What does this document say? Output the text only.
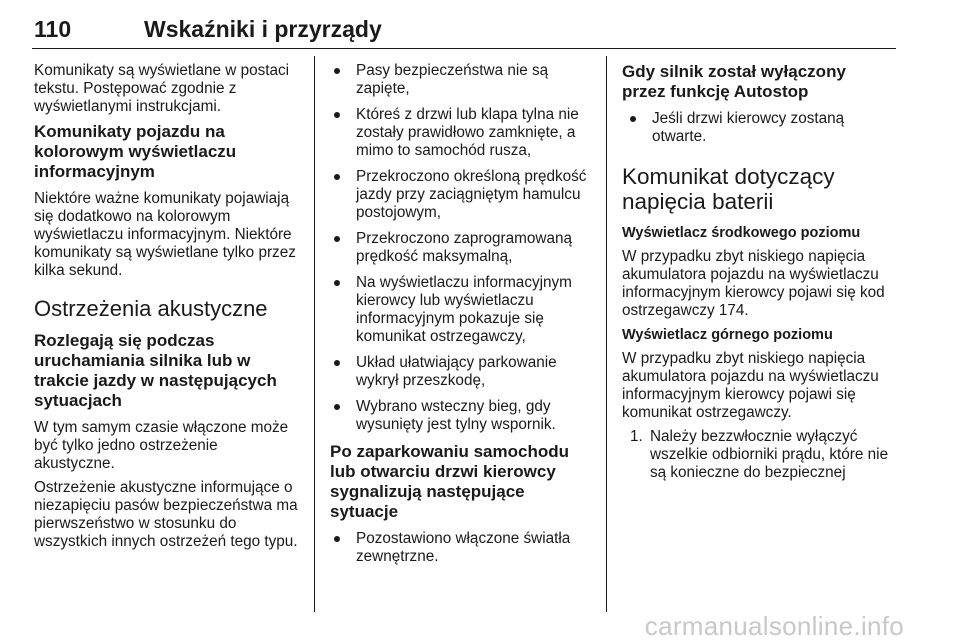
110	Wskaźniki i przyrządy

Komunikaty są wyświetlane w postaci tekstu. Postępować zgodnie z wyświetlanymi instrukcjami.

Komunikaty pojazdu na kolorowym wyświetlaczu informacyjnym

Niektóre ważne komunikaty pojawiają się dodatkowo na kolorowym wyświetlaczu informacyjnym. Niektóre komunikaty są wyświetlane tylko przez kilka sekund.

Ostrzeżenia akustyczne
Rozlegają się podczas uruchamiania silnika lub w trakcie jazdy w następujących sytuacjach

W tym samym czasie włączone może być tylko jedno ostrzeżenie akustyczne.

Ostrzeżenie akustyczne informujące o niezapięciu pasów bezpieczeństwa ma pierwszeństwo w stosunku do wszystkich innych ostrzeżeń tego typu.

Pasy bezpieczeństwa nie są zapięte,
Któreś z drzwi lub klapa tylna nie zostały prawidłowo zamknięte, a mimo to samochód rusza,
Przekroczono określoną prędkość jazdy przy zaciągniętym hamulcu postojowym,
Przekroczono zaprogramowaną prędkość maksymalną,
Na wyświetlaczu informacyjnym kierowcy lub wyświetlaczu informacyjnym pokazuje się komunikat ostrzegawczy,
Układ ułatwiający parkowanie wykrył przeszkodę,
Wybrano wsteczny bieg, gdy wysunięty jest tylny wspornik.
Po zaparkowaniu samochodu lub otwarciu drzwi kierowcy sygnalizują następujące sytuacje
Pozostawiono włączone światła zewnętrzne.
Gdy silnik został wyłączony przez funkcję Autostop
Jeśli drzwi kierowcy zostaną otwarte.
Komunikat dotyczący napięcia baterii
Wyświetlacz środkowego poziomu

W przypadku zbyt niskiego napięcia akumulatora pojazdu na wyświetlaczu informacyjnym kierowcy pojawi się kod ostrzegawczy 174.

Wyświetlacz górnego poziomu

W przypadku zbyt niskiego napięcia akumulatora pojazdu na wyświetlaczu informacyjnym kierowcy pojawi się komunikat ostrzegawczy.

1. Należy bezzwłocznie wyłączyć wszelkie odbiorniki prądu, które nie są konieczne do bezpiecznej
carmanualsonline.info
